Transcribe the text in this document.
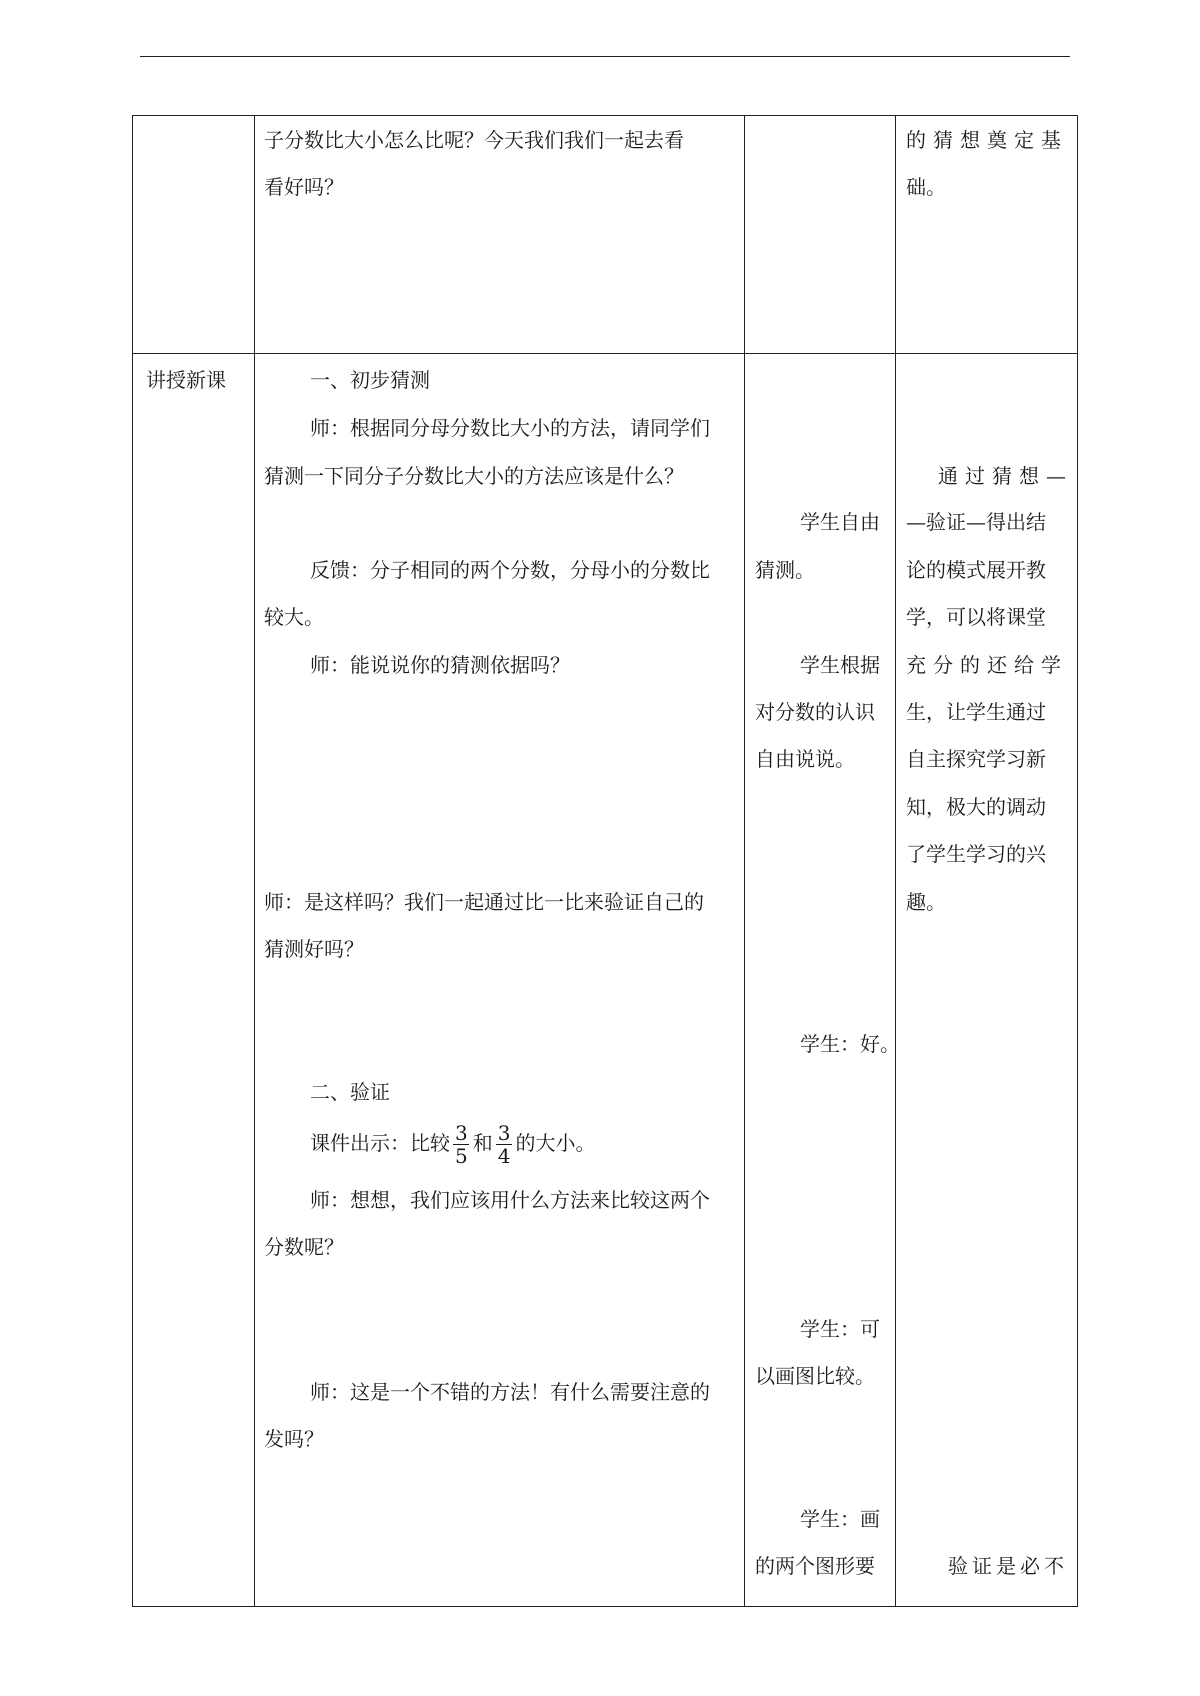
子分数比大小怎么比呢？今天我们我们一起去看
看好吗？
的猜想奠定基
础。
讲授新课	一、初步猜测
师：根据同分母分数比大小的方法，请同学们
猜测一下同分子分数比大小的方法应该是什么？
反馈：分子相同的两个分数，分母小的分数比
较大。
师：能说说你的猜测依据吗？
师：是这样吗？我们一起通过比一比来验证自己的
猜测好吗？
二、验证
课件出示：比较 $\frac{3}{5}$ 和 $\frac{3}{4}$ 的大小。
师：想想，我们应该用什么方法来比较这两个
分数呢？
师：这是一个不错的方法！有什么需要注意的
发吗？
学生自由
猜测。
学生根据
对分数的认识
自由说说。
学生：好。
学生：可
以画图比较。
学生：画
的两个图形要
通过猜想—
—验证—得出结
论的模式展开教
学，可以将课堂
充分的还给学
生，让学生通过
自主探究学习新
知，极大的调动
了学生学习的兴
趣。
验证是必不
